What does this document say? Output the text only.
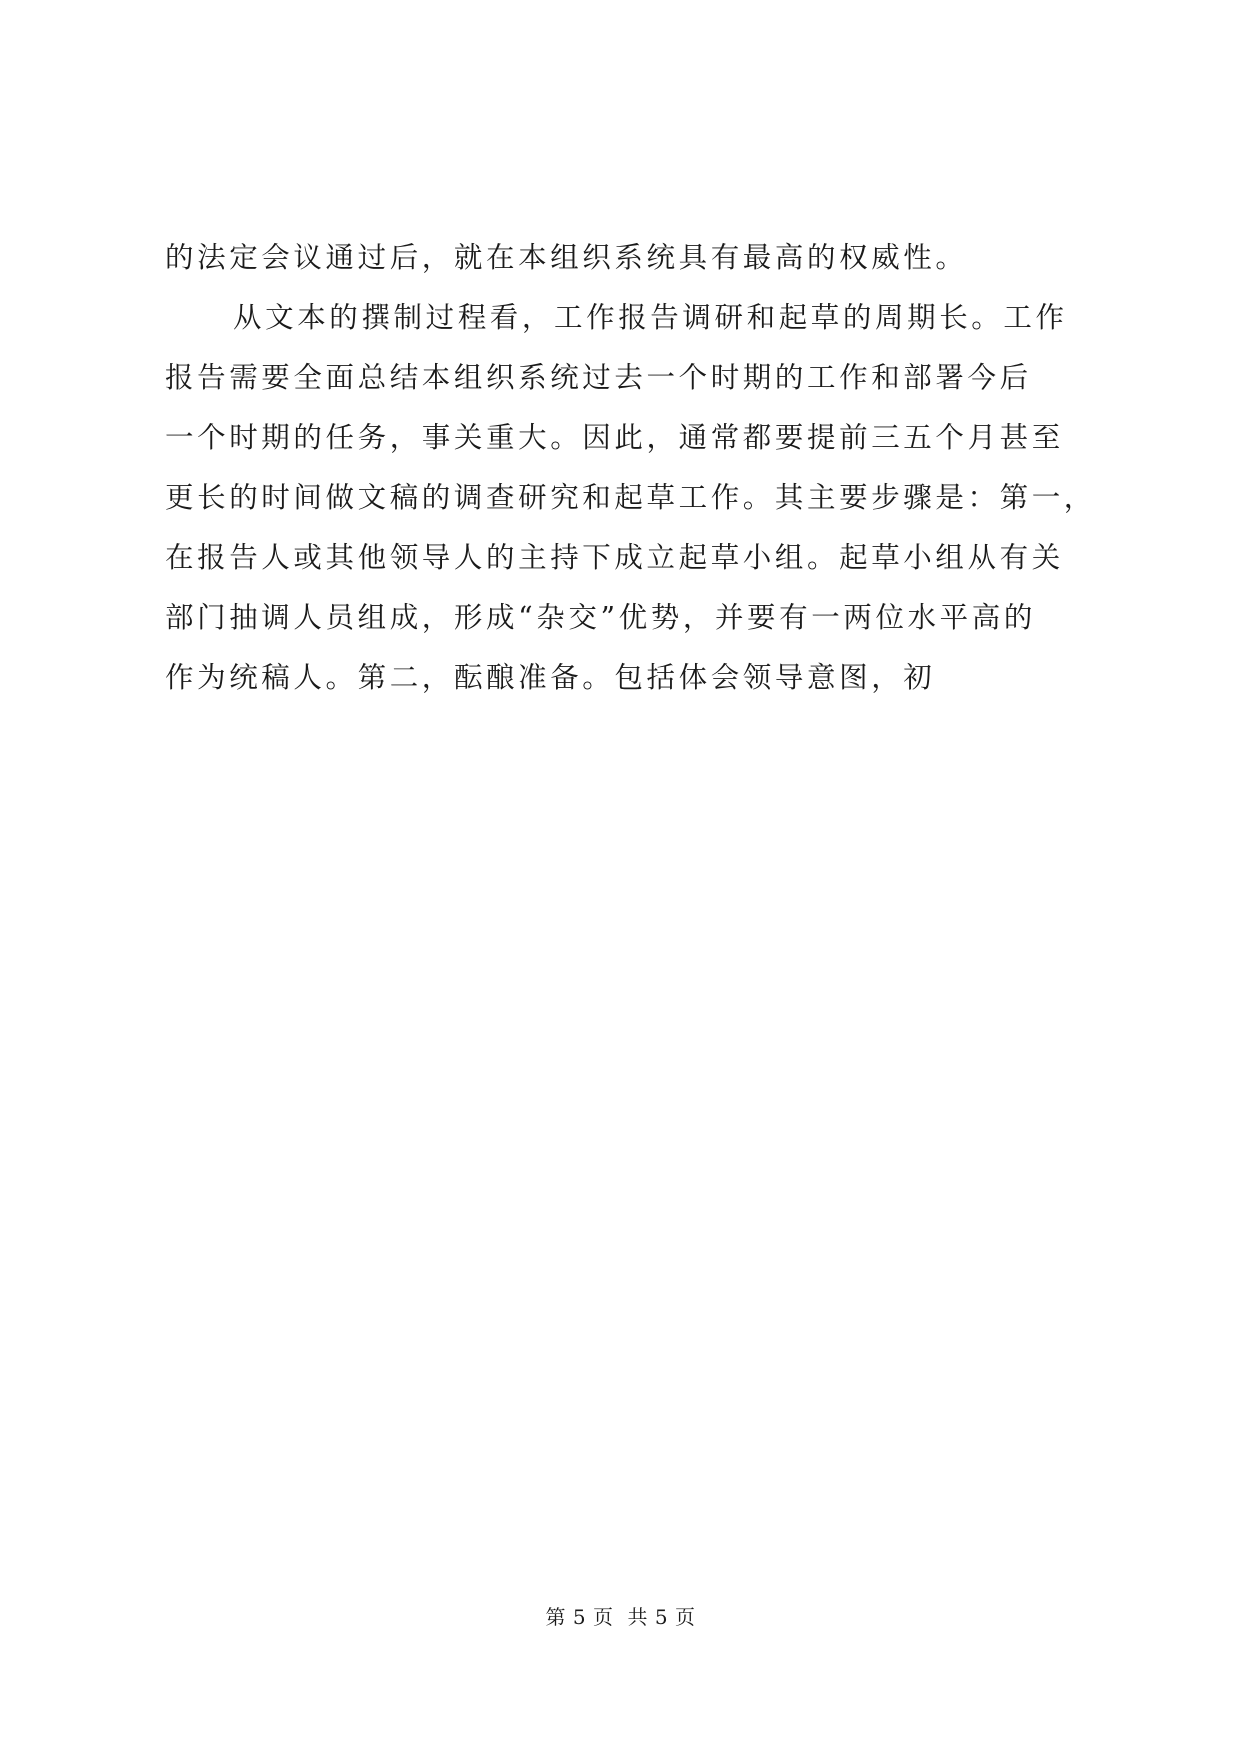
的法定会议通过后，就在本组织系统具有最高的权威性。
从文本的撰制过程看，工作报告调研和起草的周期长。工作
报告需要全面总结本组织系统过去一个时期的工作和部署今后
一个时期的任务，事关重大。因此，通常都要提前三五个月甚至
更长的时间做文稿的调查研究和起草工作。其主要步骤是：第一，
在报告人或其他领导人的主持下成立起草小组。起草小组从有关
部门抽调人员组成，形成“杂交”优势，并要有一两位水平高的
作为统稿人。第二，酝酿准备。包括体会领导意图，初
第 5 页 共 5 页
